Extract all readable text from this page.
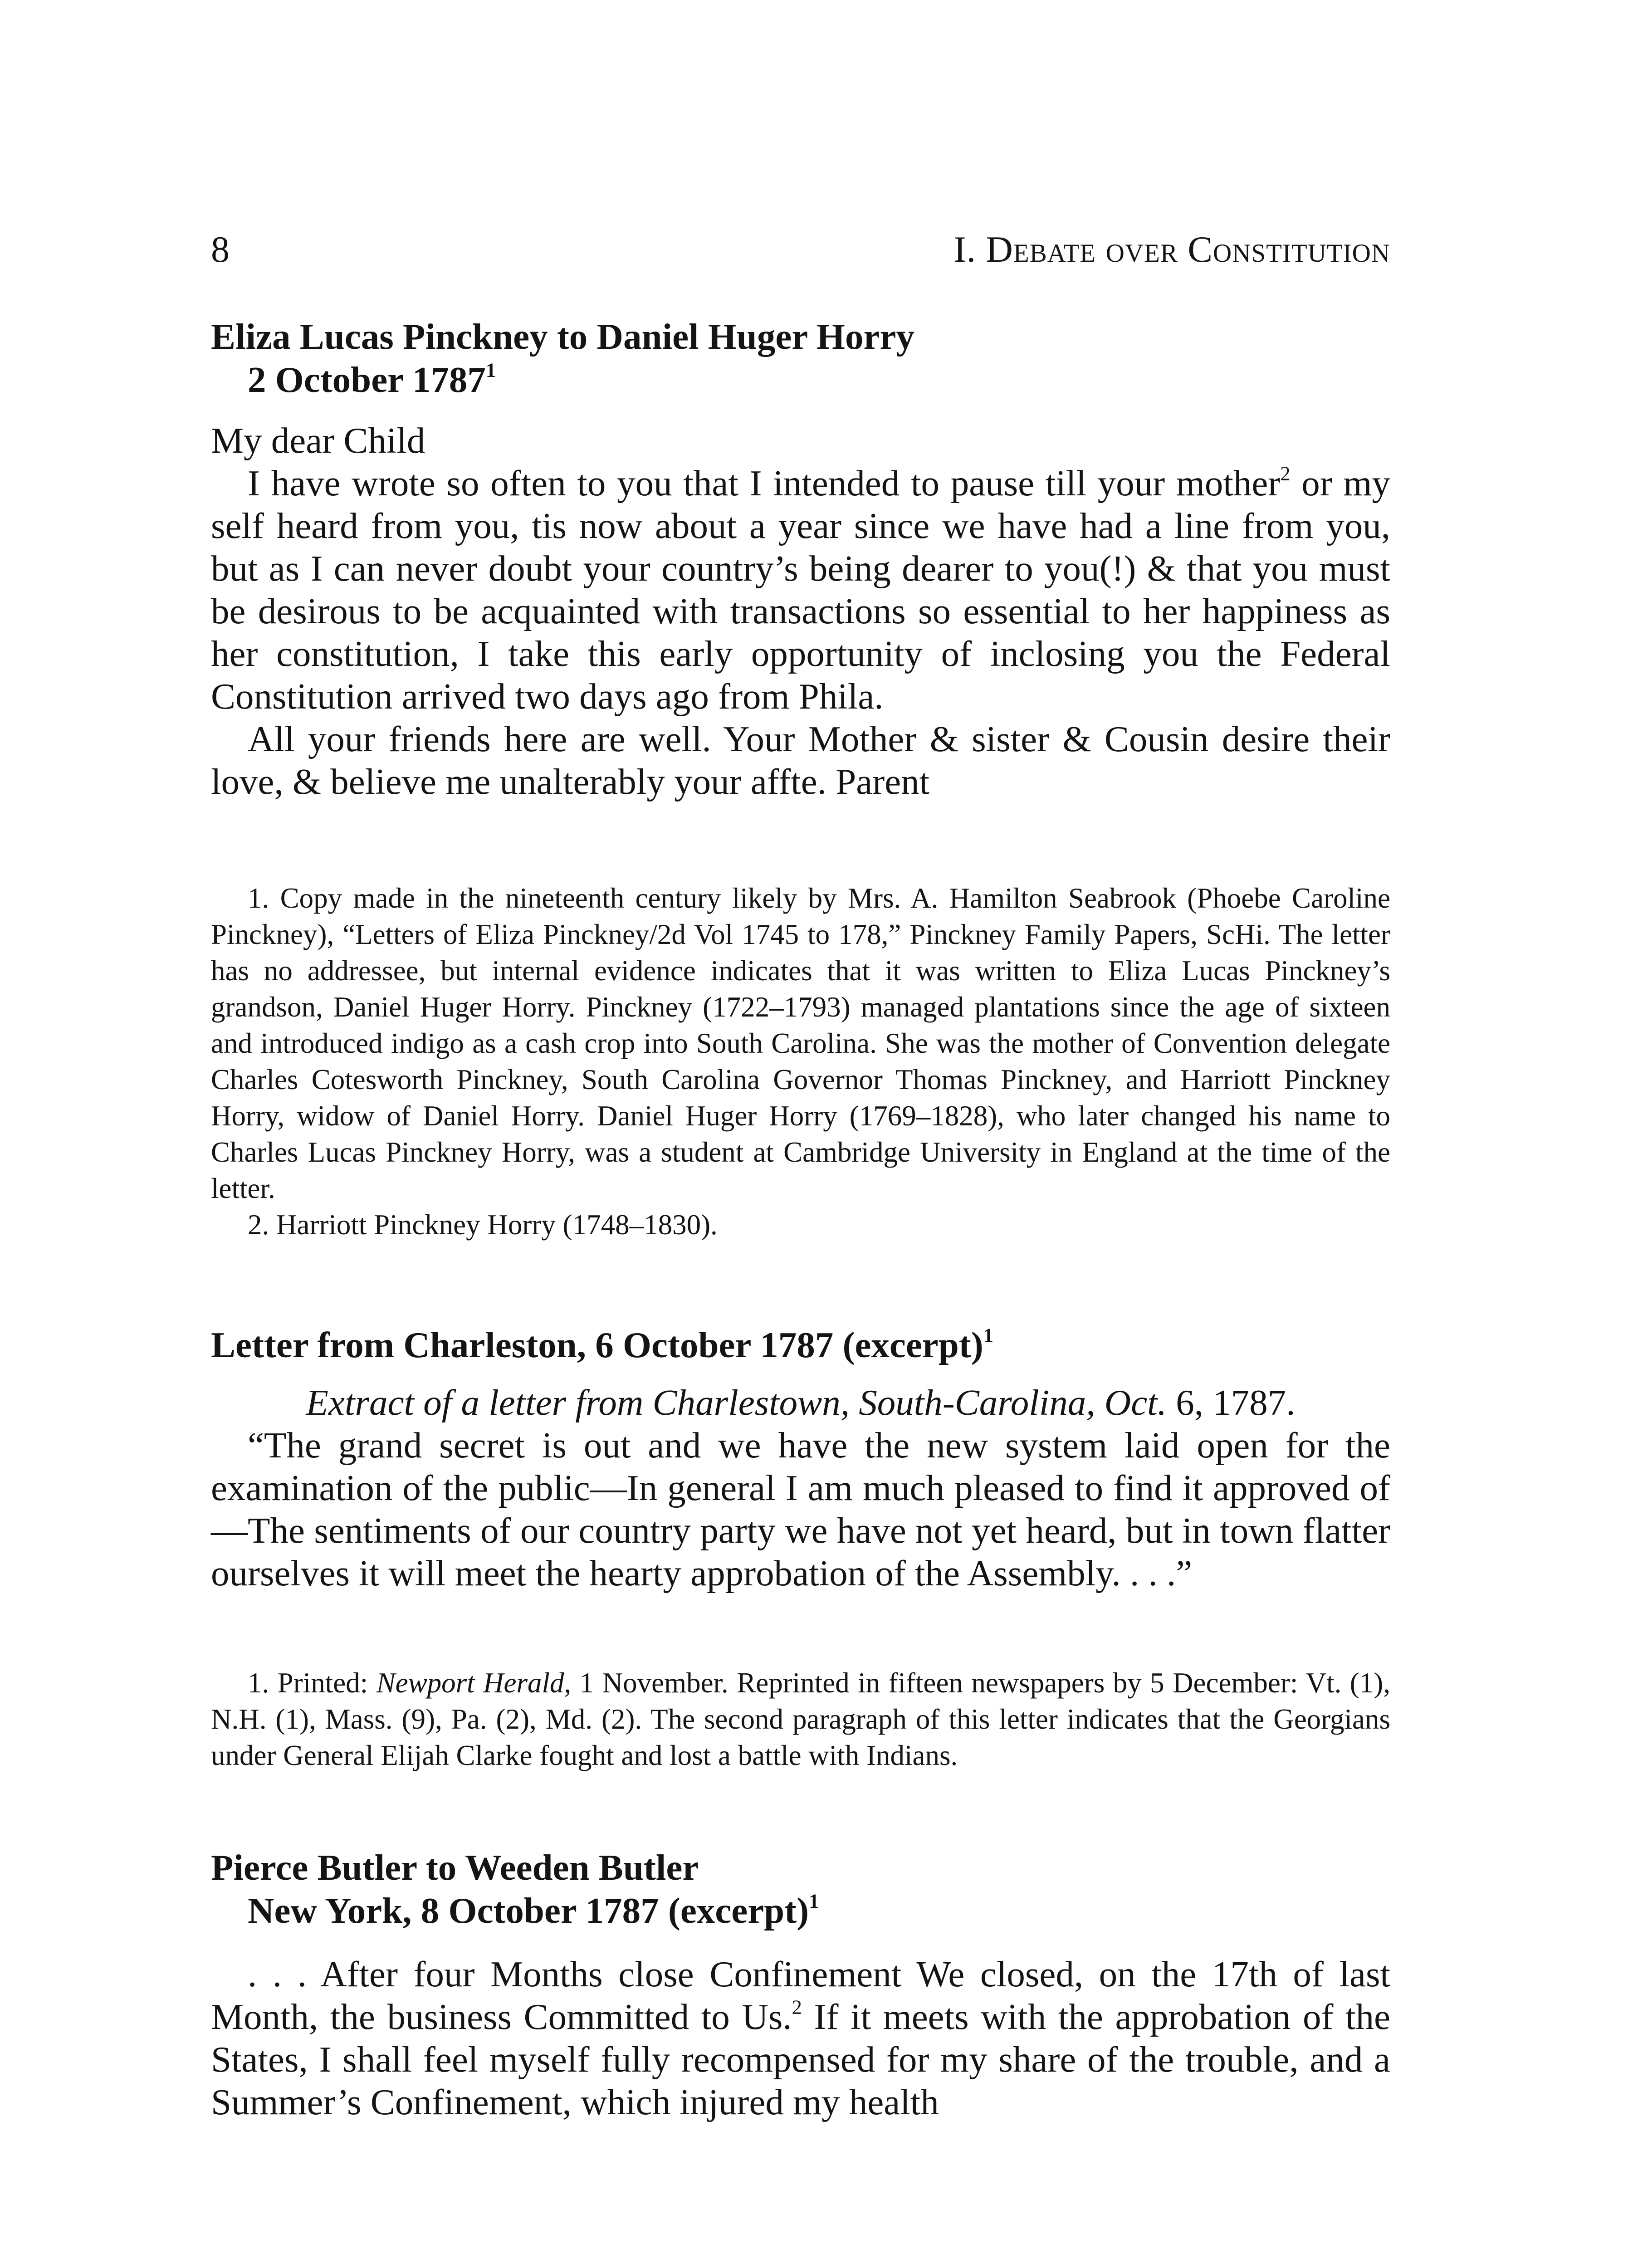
8	I. Debate over Constitution
Eliza Lucas Pinckney to Daniel Huger Horry
2 October 1787$^1$

My dear Child

I have wrote so often to you that I intended to pause till your mother$^2$ or my self heard from you, tis now about a year since we have had a line from you, but as I can never doubt your country’s being dearer to you(!) & that you must be desirous to be acquainted with transactions so essential to her happiness as her constitution, I take this early opportunity of inclosing you the Federal Constitution arrived two days ago from Phila.

All your friends here are well. Your Mother & sister & Cousin desire their love, & believe me unalterably your affte. Parent

1. Copy made in the nineteenth century likely by Mrs. A. Hamilton Seabrook (Phoebe Caroline Pinckney), “Letters of Eliza Pinckney/2d Vol 1745 to 178,” Pinckney Family Papers, ScHi. The letter has no addressee, but internal evidence indicates that it was written to Eliza Lucas Pinckney’s grandson, Daniel Huger Horry. Pinckney (1722–1793) managed plantations since the age of sixteen and introduced indigo as a cash crop into South Carolina. She was the mother of Convention delegate Charles Cotesworth Pinckney, South Carolina Governor Thomas Pinckney, and Harriott Pinckney Horry, widow of Daniel Horry. Daniel Huger Horry (1769–1828), who later changed his name to Charles Lucas Pinckney Horry, was a student at Cambridge University in England at the time of the letter.

2. Harriott Pinckney Horry (1748–1830).

Letter from Charleston, 6 October 1787 (excerpt)$^1$

Extract of a letter from Charlestown, South-Carolina, Oct. 6, 1787.

“The grand secret is out and we have the new system laid open for the examination of the public—In general I am much pleased to find it approved of—The sentiments of our country party we have not yet heard, but in town flatter ourselves it will meet the hearty approbation of the Assembly. . . .”

1. Printed: Newport Herald, 1 November. Reprinted in fifteen newspapers by 5 December: Vt. (1), N.H. (1), Mass. (9), Pa. (2), Md. (2). The second paragraph of this letter indicates that the Georgians under General Elijah Clarke fought and lost a battle with Indians.

Pierce Butler to Weeden Butler
New York, 8 October 1787 (excerpt)$^1$

. . . After four Months close Confinement We closed, on the 17th of last Month, the business Committed to Us.$^2$ If it meets with the approbation of the States, I shall feel myself fully recompensed for my share of the trouble, and a Summer’s Confinement, which injured my health
